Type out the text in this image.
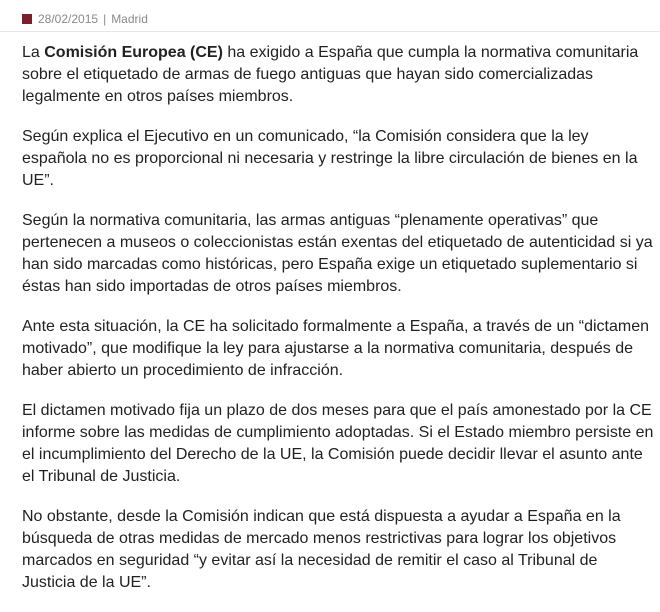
28/02/2015 | Madrid

La Comisión Europea (CE) ha exigido a España que cumpla la normativa comunitaria sobre el etiquetado de armas de fuego antiguas que hayan sido comercializadas legalmente en otros países miembros.

Según explica el Ejecutivo en un comunicado, “la Comisión considera que la ley española no es proporcional ni necesaria y restringe la libre circulación de bienes en la UE”.

Según la normativa comunitaria, las armas antiguas “plenamente operativas” que pertenecen a museos o coleccionistas están exentas del etiquetado de autenticidad si ya han sido marcadas como históricas, pero España exige un etiquetado suplementario si éstas han sido importadas de otros países miembros.

Ante esta situación, la CE ha solicitado formalmente a España, a través de un “dictamen motivado”, que modifique la ley para ajustarse a la normativa comunitaria, después de haber abierto un procedimiento de infracción.

El dictamen motivado fija un plazo de dos meses para que el país amonestado por la CE informe sobre las medidas de cumplimiento adoptadas. Si el Estado miembro persiste en el incumplimiento del Derecho de la UE, la Comisión puede decidir llevar el asunto ante el Tribunal de Justicia.

No obstante, desde la Comisión indican que está dispuesta a ayudar a España en la búsqueda de otras medidas de mercado menos restrictivas para lograr los objetivos marcados en seguridad “y evitar así la necesidad de remitir el caso al Tribunal de Justicia de la UE”.
